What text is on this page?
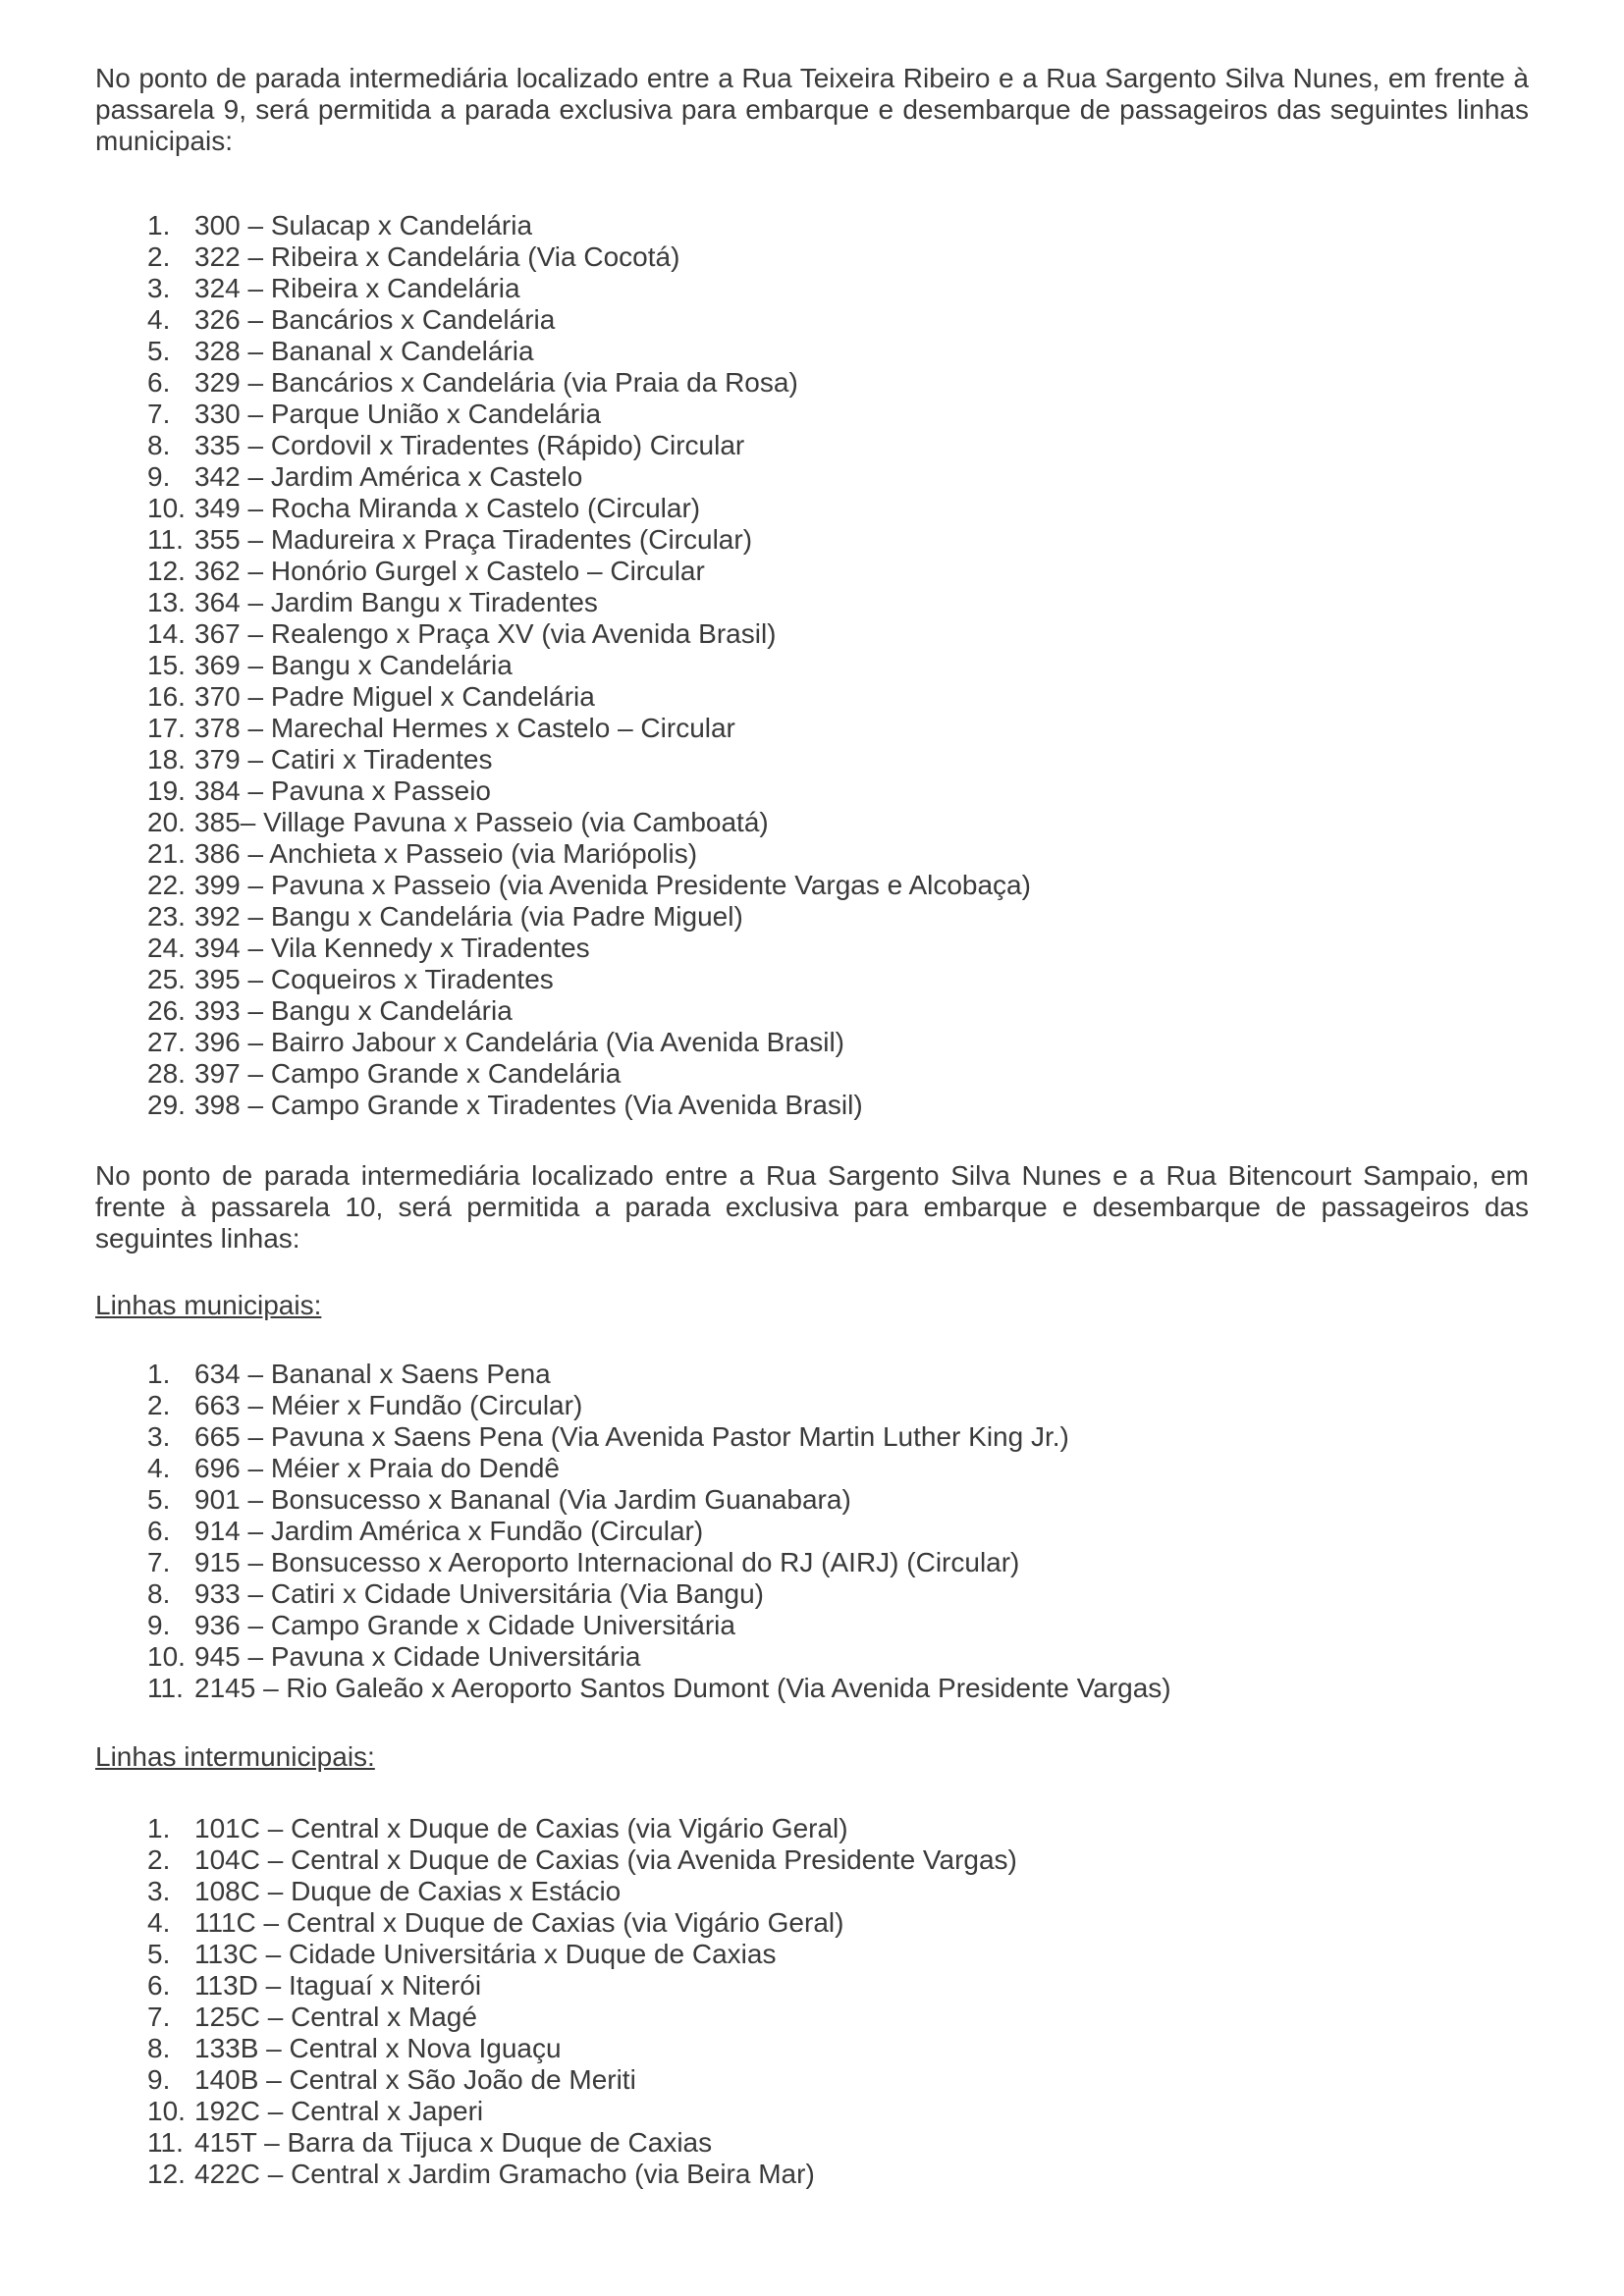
No ponto de parada intermediária localizado entre a Rua Teixeira Ribeiro e a Rua Sargento Silva Nunes, em frente à passarela 9, será permitida a parada exclusiva para embarque e desembarque de passageiros das seguintes linhas municipais:

1. 300 – Sulacap x Candelária
2. 322 – Ribeira x Candelária (Via Cocotá)
3. 324 – Ribeira x Candelária
4. 326 – Bancários x Candelária
5. 328 – Bananal x Candelária
6. 329 – Bancários x Candelária (via Praia da Rosa)
7. 330 – Parque União x Candelária
8. 335 – Cordovil x Tiradentes (Rápido) Circular
9. 342 – Jardim América x Castelo
10. 349 – Rocha Miranda x Castelo (Circular)
11. 355 – Madureira x Praça Tiradentes (Circular)
12. 362 – Honório Gurgel x Castelo – Circular
13. 364 – Jardim Bangu x Tiradentes
14. 367 – Realengo x Praça XV (via Avenida Brasil)
15. 369 – Bangu x Candelária
16. 370 – Padre Miguel x Candelária
17. 378 – Marechal Hermes x Castelo – Circular
18. 379 – Catiri x Tiradentes
19. 384 – Pavuna x Passeio
20. 385– Village Pavuna x Passeio (via Camboatá)
21. 386 – Anchieta x Passeio (via Mariópolis)
22. 399 – Pavuna x Passeio (via Avenida Presidente Vargas e Alcobaça)
23. 392 – Bangu x Candelária (via Padre Miguel)
24. 394 – Vila Kennedy x Tiradentes
25. 395 – Coqueiros x Tiradentes
26. 393 – Bangu x Candelária
27. 396 – Bairro Jabour x Candelária (Via Avenida Brasil)
28. 397 – Campo Grande x Candelária
29. 398 – Campo Grande x Tiradentes (Via Avenida Brasil)

No ponto de parada intermediária localizado entre a Rua Sargento Silva Nunes e a Rua Bitencourt Sampaio, em frente à passarela 10, será permitida a parada exclusiva para embarque e desembarque de passageiros das seguintes linhas:

Linhas municipais:
1. 634 – Bananal x Saens Pena
2. 663 – Méier x Fundão (Circular)
3. 665 – Pavuna x Saens Pena (Via Avenida Pastor Martin Luther King Jr.)
4. 696 – Méier x Praia do Dendê
5. 901 – Bonsucesso x Bananal (Via Jardim Guanabara)
6. 914 – Jardim América x Fundão (Circular)
7. 915 – Bonsucesso x Aeroporto Internacional do RJ (AIRJ) (Circular)
8. 933 – Catiri x Cidade Universitária (Via Bangu)
9. 936 – Campo Grande x Cidade Universitária
10. 945 – Pavuna x Cidade Universitária
11. 2145 – Rio Galeão x Aeroporto Santos Dumont (Via Avenida Presidente Vargas)
Linhas intermunicipais:
1. 101C – Central x Duque de Caxias (via Vigário Geral)
2. 104C – Central x Duque de Caxias (via Avenida Presidente Vargas)
3. 108C – Duque de Caxias x Estácio
4. 111C – Central x Duque de Caxias (via Vigário Geral)
5. 113C – Cidade Universitária x Duque de Caxias
6. 113D – Itaguaí x Niterói
7. 125C – Central x Magé
8. 133B – Central x Nova Iguaçu
9. 140B – Central x São João de Meriti
10. 192C – Central x Japeri
11. 415T – Barra da Tijuca x Duque de Caxias
12. 422C – Central x Jardim Gramacho (via Beira Mar)
